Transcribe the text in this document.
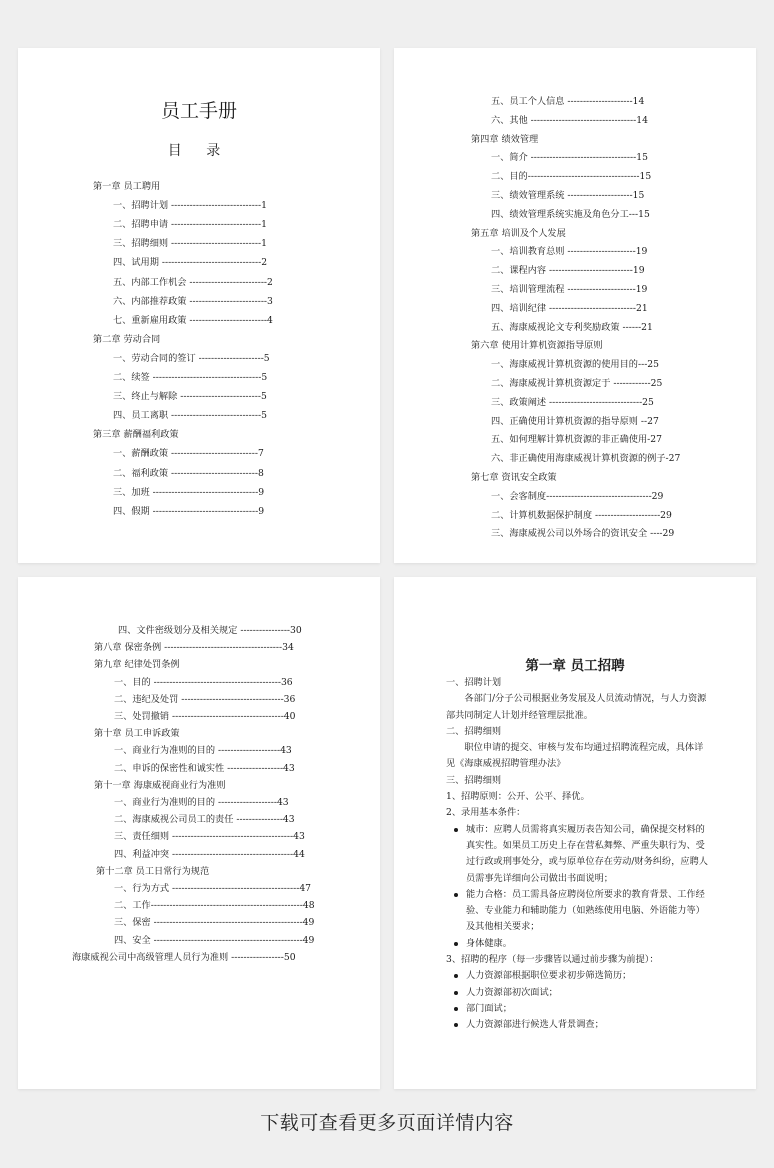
员工手册
目 录
第一章 员工聘用
一、招聘计划 -----------------------------1
二、招聘申请 -----------------------------1
三、招聘细则 -----------------------------1
四、试用期 --------------------------------2
五、内部工作机会 -------------------------2
六、内部推荐政策 -------------------------3
七、重新雇用政策 -------------------------4
第二章 劳动合同
一、劳动合同的签订 ---------------------5
二、续签 -----------------------------------5
三、终止与解除 --------------------------5
四、员工离职 -----------------------------5
第三章 薪酬福利政策
一、薪酬政策 ----------------------------7
二、福利政策 ----------------------------8
三、加班 ----------------------------------9
四、假期 ----------------------------------9
五、员工个人信息 ---------------------14
六、其他 ----------------------------------14
第四章 绩效管理
一、简介 ----------------------------------15
二、目的------------------------------------15
三、绩效管理系统 ---------------------15
四、绩效管理系统实施及角色分工---15
第五章 培训及个人发展
一、培训教育总则 ----------------------19
二、课程内容 ---------------------------19
三、培训管理流程 ----------------------19
四、培训纪律 ----------------------------21
五、海康威视论文专利奖励政策 ------21
第六章 使用计算机资源指导原则
一、海康威视计算机资源的使用目的---25
二、海康威视计算机资源定于 ------------25
三、政策阐述 ------------------------------25
四、正确使用计算机资源的指导原则 --27
五、如何理解计算机资源的非正确使用-27
六、非正确使用海康威视计算机资源的例子-27
第七章 资讯安全政策
一、会客制度----------------------------------29
二、计算机数据保护制度 ---------------------29
三、海康威视公司以外场合的资讯安全 ----29
四、文件密级划分及相关规定 ----------------30
第八章 保密条例 --------------------------------------34
第九章 纪律处罚条例
一、目的 -----------------------------------------36
二、违纪及处罚 ---------------------------------36
三、处罚撤销 ------------------------------------40
第十章 员工申诉政策
一、商业行为准则的目的 --------------------43
二、申诉的保密性和诚实性 ------------------43
第十一章 海康威视商业行为准则
一、商业行为准则的目的 -------------------43
二、海康威视公司员工的责任 ---------------43
三、责任细则 ---------------------------------------43
四、利益冲突 ---------------------------------------44
第十二章 员工日常行为规范
一、行为方式 -----------------------------------------47
二、工作-------------------------------------------------48
三、保密 ------------------------------------------------49
四、安全 ------------------------------------------------49
海康威视公司中高级管理人员行为准则 -----------------50
第一章 员工招聘

一、招聘计划

各部门/分子公司根据业务发展及人员流动情况，与人力资源部共同制定人计划并经管理层批准。

二、招聘细则

职位申请的提交、审核与发布均通过招聘流程完成，具体详见《海康威视招聘管理办法》

三、招聘细则

1、招聘原则：公开、公平、择优。

2、录用基本条件：

城市：应聘人员需将真实履历表告知公司，确保提交材料的真实性。如果员工历史上存在营私舞弊、严重失职行为、受过行政或刑事处分，或与原单位存在劳动/财务纠纷，应聘人员需事先详细向公司做出书面说明；

能力合格：员工需具备应聘岗位所要求的教育背景、工作经验、专业能力和辅助能力（如熟练使用电脑、外语能力等）及其他相关要求；

身体健康。

3、招聘的程序（每一步骤皆以通过前步骤为前提）：

人力资源部根据职位要求初步筛选简历；

人力资源部初次面试；

部门面试；

人力资源部进行候选人背景调查；

下载可查看更多页面详情内容
